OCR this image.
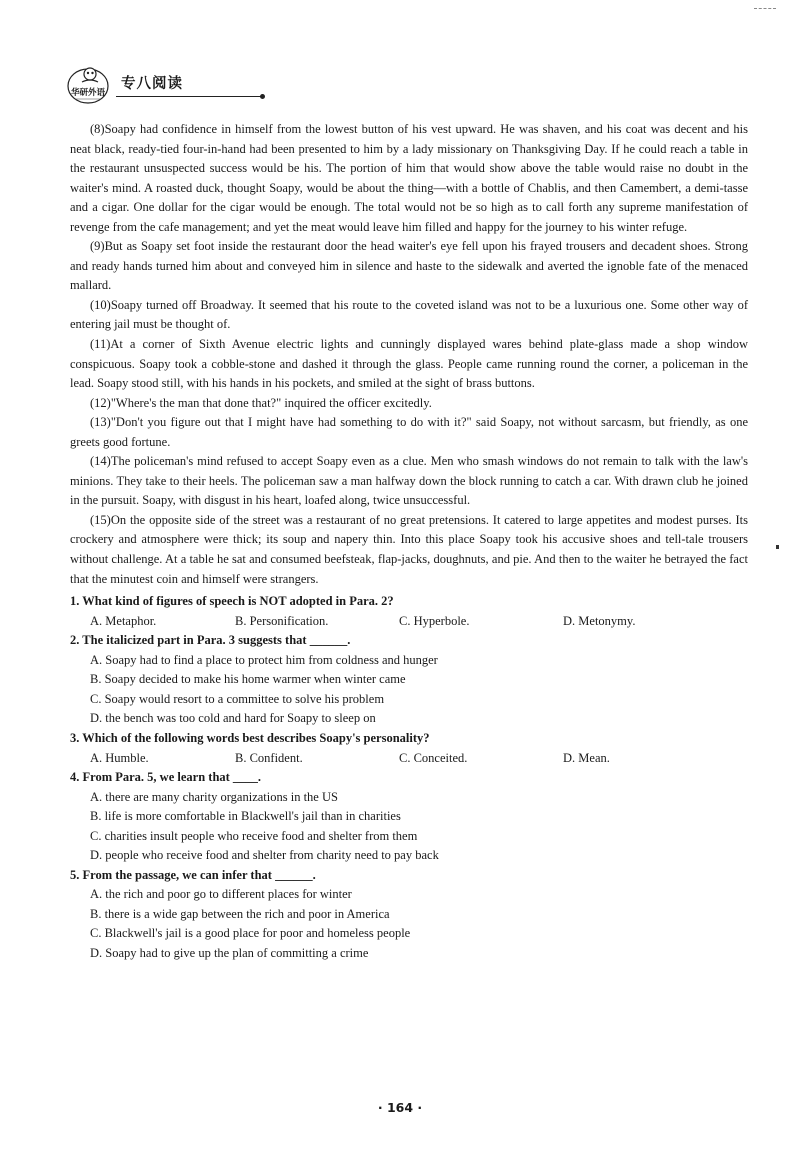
华研外语
专八阅读

(8)Soapy had confidence in himself from the lowest button of his vest upward. He was shaven, and his coat was decent and his neat black, ready-tied four-in-hand had been presented to him by a lady missionary on Thanksgiving Day. If he could reach a table in the restaurant unsuspected success would be his. The portion of him that would show above the table would raise no doubt in the waiter's mind. A roasted duck, thought Soapy, would be about the thing—with a bottle of Chablis, and then Camembert, a demi-tasse and a cigar. One dollar for the cigar would be enough. The total would not be so high as to call forth any supreme manifestation of revenge from the cafe management; and yet the meat would leave him filled and happy for the journey to his winter refuge.

(9)But as Soapy set foot inside the restaurant door the head waiter's eye fell upon his frayed trousers and decadent shoes. Strong and ready hands turned him about and conveyed him in silence and haste to the sidewalk and averted the ignoble fate of the menaced mallard.

(10)Soapy turned off Broadway. It seemed that his route to the coveted island was not to be a luxurious one. Some other way of entering jail must be thought of.

(11)At a corner of Sixth Avenue electric lights and cunningly displayed wares behind plate-glass made a shop window conspicuous. Soapy took a cobble-stone and dashed it through the glass. People came running round the corner, a policeman in the lead. Soapy stood still, with his hands in his pockets, and smiled at the sight of brass buttons.

(12)"Where's the man that done that?" inquired the officer excitedly.

(13)"Don't you figure out that I might have had something to do with it?" said Soapy, not without sarcasm, but friendly, as one greets good fortune.

(14)The policeman's mind refused to accept Soapy even as a clue. Men who smash windows do not remain to talk with the law's minions. They take to their heels. The policeman saw a man halfway down the block running to catch a car. With drawn club he joined in the pursuit. Soapy, with disgust in his heart, loafed along, twice unsuccessful.

(15)On the opposite side of the street was a restaurant of no great pretensions. It catered to large appetites and modest purses. Its crockery and atmosphere were thick; its soup and napery thin. Into this place Soapy took his accusive shoes and tell-tale trousers without challenge. At a table he sat and consumed beefsteak, flap-jacks, doughnuts, and pie. And then to the waiter he betrayed the fact that the minutest coin and himself were strangers.

1. What kind of figures of speech is NOT adopted in Para. 2?

A. Metaphor.	B. Personification.	C. Hyperbole.	D. Metonymy.

2. The italicized part in Para. 3 suggests that ______.

A. Soapy had to find a place to protect him from coldness and hunger

B. Soapy decided to make his home warmer when winter came

C. Soapy would resort to a committee to solve his problem

D. the bench was too cold and hard for Soapy to sleep on

3. Which of the following words best describes Soapy's personality?

A. Humble.	B. Confident.	C. Conceited.	D. Mean.

4. From Para. 5, we learn that ____.

A. there are many charity organizations in the US

B. life is more comfortable in Blackwell's jail than in charities

C. charities insult people who receive food and shelter from them

D. people who receive food and shelter from charity need to pay back

5. From the passage, we can infer that ______.

A. the rich and poor go to different places for winter

B. there is a wide gap between the rich and poor in America

C. Blackwell's jail is a good place for poor and homeless people

D. Soapy had to give up the plan of committing a crime

· 164 ·
